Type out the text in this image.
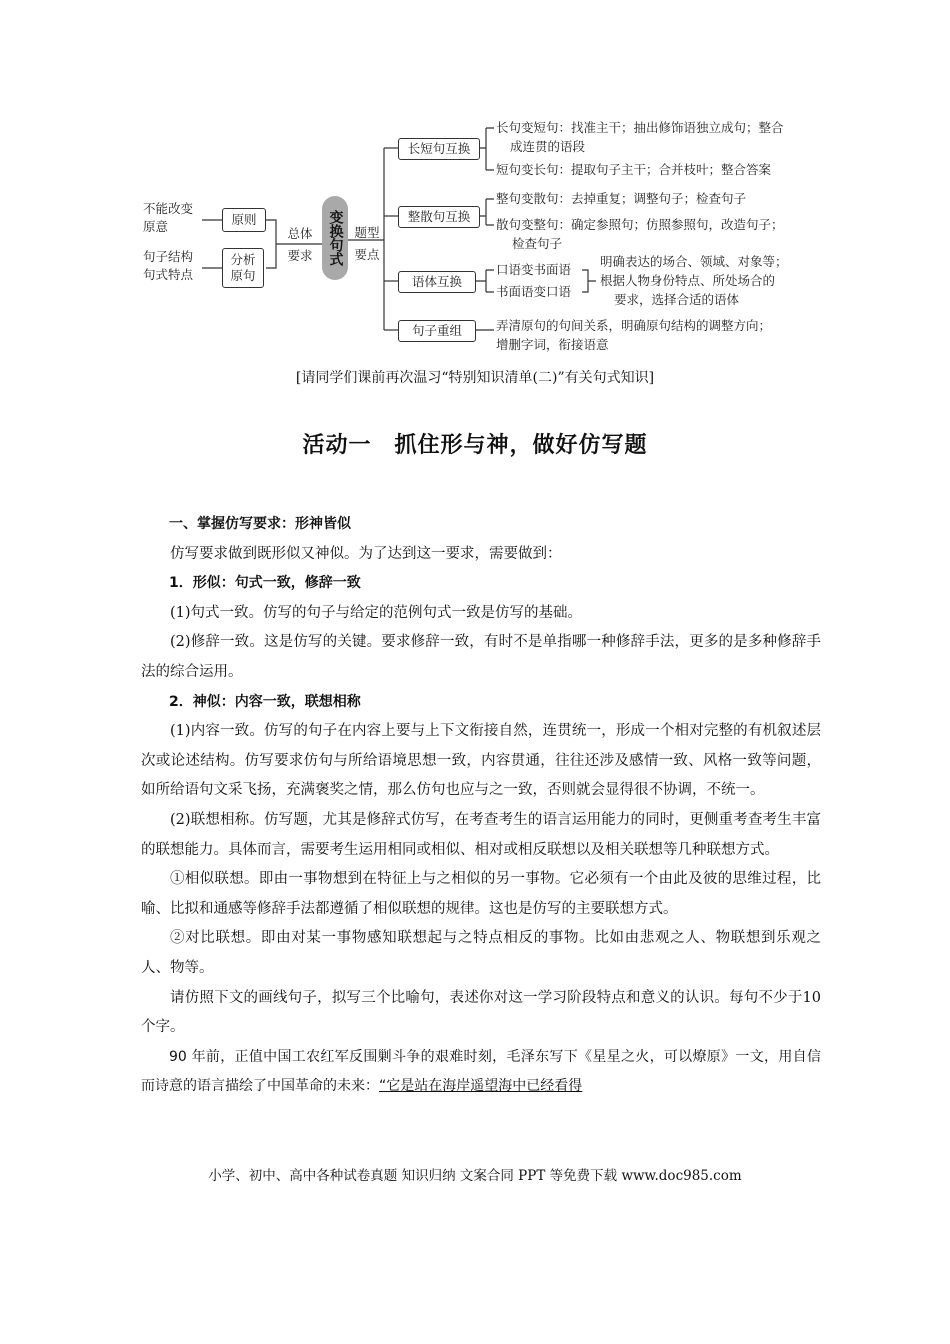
不能改变原意
句子结构句式特点
原则
分析原句
总体要求 变换句式 题型要点
长短句互换
整散句互换
语体互换
句子重组
长句变短句：找准主干；抽出修饰语独立成句；整合
成连贯的语段
短句变长句：提取句子主干；合并枝叶；整合答案
整句变散句：去掉重复；调整句子；检查句子
散句变整句：确定参照句；仿照参照句，改造句子；
检查句子
口语变书面语
书面语变口语
明确表达的场合、领域、对象等；
根据人物身份特点、所处场合的
要求，选择合适的语体
弄清原句的句间关系，明确原句结构的调整方向；
增删字词，衔接语意
[请同学们课前再次温习“特别知识清单(二)”有关句式知识]
活动一　抓住形与神，做好仿写题

一、掌握仿写要求：形神皆似

仿写要求做到既形似又神似。为了达到这一要求，需要做到：

1．形似：句式一致，修辞一致

(1)句式一致。仿写的句子与给定的范例句式一致是仿写的基础。

(2)修辞一致。这是仿写的关键。要求修辞一致，有时不是单指哪一种修辞手法，更多的是多种修辞手法的综合运用。

2．神似：内容一致，联想相称

(1)内容一致。仿写的句子在内容上要与上下文衔接自然，连贯统一，形成一个相对完整的有机叙述层次或论述结构。仿写要求仿句与所给语境思想一致，内容贯通，往往还涉及感情一致、风格一致等问题，如所给语句文采飞扬，充满褒奖之情，那么仿句也应与之一致，否则就会显得很不协调，不统一。

(2)联想相称。仿写题，尤其是修辞式仿写，在考查考生的语言运用能力的同时，更侧重考查考生丰富的联想能力。具体而言，需要考生运用相同或相似、相对或相反联想以及相关联想等几种联想方式。

①相似联想。即由一事物想到在特征上与之相似的另一事物。它必须有一个由此及彼的思维过程，比喻、比拟和通感等修辞手法都遵循了相似联想的规律。这也是仿写的主要联想方式。

②对比联想。即由对某一事物感知联想起与之特点相反的事物。比如由悲观之人、物联想到乐观之人、物等。

请仿照下文的画线句子，拟写三个比喻句，表述你对这一学习阶段特点和意义的认识。每句不少于10个字。

90 年前，正值中国工农红军反围剿斗争的艰难时刻，毛泽东写下《星星之火，可以燎原》一文，用自信而诗意的语言描绘了中国革命的未来：“它是站在海岸遥望海中已经看得

小学、初中、高中各种试卷真题 知识归纳 文案合同 PPT 等免费下载 www.doc985.com
